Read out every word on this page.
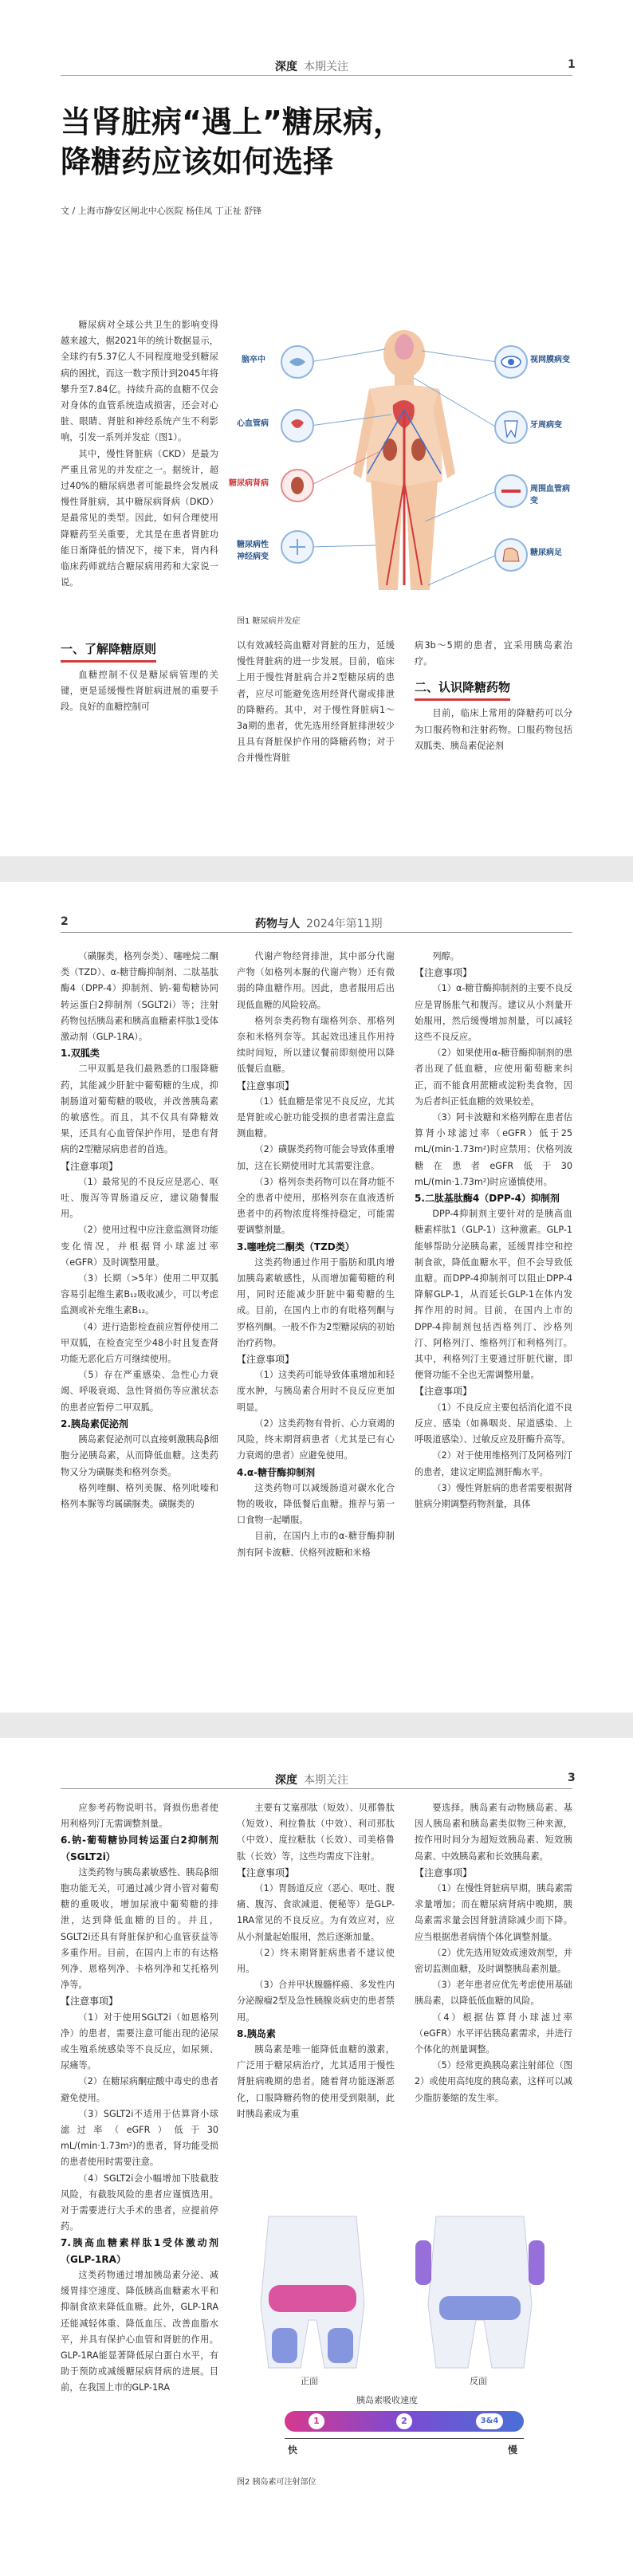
深度 本期关注	1
当肾脏病“遇上”糖尿病，
降糖药应该如何选择
文 / 上海市静安区闸北中心医院 杨佳凤 丁正祉 舒锋

糖尿病对全球公共卫生的影响变得越来越大，据2021年的统计数据显示，全球约有5.37亿人不同程度地受到糖尿病的困扰，而这一数字预计到2045年将攀升至7.84亿。持续升高的血糖不仅会对身体的血管系统造成损害，还会对心脏、眼睛、肾脏和神经系统产生不利影响，引发一系列并发症（图1）。

其中，慢性肾脏病（CKD）是最为严重且常见的并发症之一。据统计，超过40%的糖尿病患者可能最终会发展成慢性肾脏病，其中糖尿病肾病（DKD）是最常见的类型。因此，如何合理使用降糖药至关重要，尤其是在患者肾脏功能日渐降低的情况下，接下来，肾内科临床药师就结合糖尿病用药和大家说一说。

脑卒中
心血管病
糖尿病肾病
糖尿病性神经病变
视网膜病变
牙周病变
周围血管病变
糖尿病足
图1 糖尿病并发症
一、了解降糖原则

血糖控制不仅是糖尿病管理的关键，更是延缓慢性肾脏病进展的重要手段。良好的血糖控制可

以有效减轻高血糖对肾脏的压力，延缓慢性肾脏病的进一步发展。目前，临床上用于慢性肾脏病合并2型糖尿病的患者，应尽可能避免选用经肾代谢或排泄的降糖药。其中，对于慢性肾脏病1～3a期的患者，优先选用经肾脏排泄较少且具有肾脏保护作用的降糖药物；对于合并慢性肾脏

病3b～5期的患者，宜采用胰岛素治疗。

二、认识降糖药物

目前，临床上常用的降糖药可以分为口服药物和注射药物。口服药物包括双胍类、胰岛素促泌剂

2	药物与人 2024年第11期

（磺脲类，格列奈类）、噻唑烷二酮类（TZD）、α-糖苷酶抑制剂、二肽基肽酶4（DPP-4）抑制剂、钠-葡萄糖协同转运蛋白2抑制剂（SGLT2i）等；注射药物包括胰岛素和胰高血糖素样肽1受体激动剂（GLP-1RA）。

1.双胍类

二甲双胍是我们最熟悉的口服降糖药，其能减少肝脏中葡萄糖的生成，抑制肠道对葡萄糖的吸收，并改善胰岛素的敏感性。而且，其不仅具有降糖效果，还具有心血管保护作用，是患有肾病的2型糖尿病患者的首选。

【注意事项】

（1）最常见的不良反应是恶心、呕吐、腹泻等胃肠道反应，建议随餐服用。

（2）使用过程中应注意监测肾功能变化情况，并根据肾小球滤过率（eGFR）及时调整用量。

（3）长期（>5年）使用二甲双胍容易引起维生素B₁₂吸收减少，可以考虑监测或补充维生素B₁₂。

（4）进行造影检查前应暂停使用二甲双胍，在检查完至少48小时且复查肾功能无恶化后方可继续使用。

（5）存在严重感染、急性心力衰竭、呼吸衰竭、急性肾损伤等应激状态的患者应暂停二甲双胍。

2.胰岛素促泌剂

胰岛素促泌剂可以直接刺激胰岛β细胞分泌胰岛素，从而降低血糖。这类药物又分为磺脲类和格列奈类。

格列喹酮、格列美脲、格列吡嗪和格列本脲等均属磺脲类。磺脲类的

代谢产物经肾排泄，其中部分代谢产物（如格列本脲的代谢产物）还有微弱的降血糖作用。因此，患者服用后出现低血糖的风险较高。

格列奈类药物有瑞格列奈、那格列奈和米格列奈等。其起效迅速且作用持续时间短，所以建议餐前即刻使用以降低餐后血糖。

【注意事项】

（1）低血糖是常见不良反应，尤其是肾脏或心脏功能受损的患者需注意监测血糖。

（2）磺脲类药物可能会导致体重增加，这在长期使用时尤其需要注意。

（3）格列奈类药物可以在肾功能不全的患者中使用，那格列奈在血液透析患者中的药物浓度将维持稳定，可能需要调整剂量。

3.噻唑烷二酮类（TZD类）

这类药物通过作用于脂肪和肌肉增加胰岛素敏感性，从而增加葡萄糖的利用，同时还能减少肝脏中葡萄糖的生成。目前，在国内上市的有吡格列酮与罗格列酮。一般不作为2型糖尿病的初始治疗药物。

【注意事项】

（1）这类药可能导致体重增加和轻度水肿，与胰岛素合用时不良反应更加明显。

（2）这类药物有骨折、心力衰竭的风险，终末期肾病患者（尤其是已有心力衰竭的患者）应避免使用。

4.α-糖苷酶抑制剂

这类药物可以减缓肠道对碳水化合物的吸收，降低餐后血糖。推荐与第一口食物一起嚼服。

目前，在国内上市的α-糖苷酶抑制剂有阿卡波糖、伏格列波糖和米格

列醇。

【注意事项】

（1）α-糖苷酶抑制剂的主要不良反应是胃肠胀气和腹泻。建议从小剂量开始服用，然后缓慢增加剂量，可以减轻这些不良反应。

（2）如果使用α-糖苷酶抑制剂的患者出现了低血糖，应使用葡萄糖来纠正，而不能食用蔗糖或淀粉类食物，因为后者纠正低血糖的效果较差。

（3）阿卡波糖和米格列醇在患者估算肾小球滤过率（eGFR）低于25 mL/(min·1.73m²)时应禁用；伏格列波糖在患者eGFR低于30 mL/(min·1.73m²)时应谨慎使用。

5.二肽基肽酶4（DPP-4）抑制剂

DPP-4抑制剂主要针对的是胰高血糖素样肽1（GLP-1）这种激素。GLP-1能够帮助分泌胰岛素，延缓胃排空和控制食欲，降低血糖水平，但不会导致低血糖。而DPP-4抑制剂可以阻止DPP-4降解GLP-1，从而延长GLP-1在体内发挥作用的时间。目前，在国内上市的DPP-4抑制剂包括西格列汀、沙格列汀、阿格列汀、维格列汀和利格列汀。其中，利格列汀主要通过肝脏代谢，即便肾功能不全也无需调整用量。

【注意事项】

（1）不良反应主要包括消化道不良反应、感染（如鼻咽炎、尿道感染、上呼吸道感染）、过敏反应及肝酶升高等。

（2）对于使用维格列汀及阿格列汀的患者，建议定期监测肝酶水平。

（3）慢性肾脏病的患者需要根据肾脏病分期调整药物剂量，具体

深度 本期关注	3

应参考药物说明书。肾损伤患者使用利格列汀无需调整剂量。

6.钠-葡萄糖协同转运蛋白2抑制剂（SGLT2i）

这类药物与胰岛素敏感性、胰岛β细胞功能无关，可通过减少肾小管对葡萄糖的重吸收，增加尿液中葡萄糖的排泄，达到降低血糖的目的。并且，SGLT2i还具有肾脏保护和心血管获益等多重作用。目前，在国内上市的有达格列净、恩格列净、卡格列净和艾托格列净等。

【注意事项】

（1）对于使用SGLT2i（如恩格列净）的患者，需要注意可能出现的泌尿或生殖系统感染等不良反应，如尿频、尿痛等。

（2）在糖尿病酮症酸中毒史的患者避免使用。

（3）SGLT2i不适用于估算肾小球滤过率（eGFR）低于30 mL/(min·1.73m²)的患者，肾功能受损的患者使用时需要注意。

（4）SGLT2i会小幅增加下肢截肢风险，有截肢风险的患者应谨慎选用。对于需要进行大手术的患者，应提前停药。

7.胰高血糖素样肽1受体激动剂（GLP-1RA）

这类药物通过增加胰岛素分泌、减缓胃排空速度、降低胰高血糖素水平和抑制食欲来降低血糖。此外，GLP-1RA还能减轻体重、降低血压、改善血脂水平，并具有保护心血管和肾脏的作用。GLP-1RA能显著降低尿白蛋白水平，有助于预防或减缓糖尿病肾病的进展。目前，在我国上市的GLP-1RA

主要有艾塞那肽（短效）、贝那鲁肽（短效）、利拉鲁肽（中效）、利司那肽（中效）、度拉糖肽（长效）、司美格鲁肽（长效）等，这些均需皮下注射。

【注意事项】

（1）胃肠道反应（恶心、呕吐、腹痛、腹泻、食欲减退、便秘等）是GLP-1RA常见的不良反应。为有效应对，应从小剂量起始服用，然后逐渐加量。

（2）终末期肾脏病患者不建议使用。

（3）合并甲状腺髓样癌、多发性内分泌腺瘤2型及急性胰腺炎病史的患者禁用。

8.胰岛素

胰岛素是唯一能降低血糖的激素，广泛用于糖尿病治疗，尤其适用于慢性肾脏病晚期的患者。随着肾功能逐渐恶化，口服降糖药物的使用受到限制，此时胰岛素成为重

要选择。胰岛素有动物胰岛素、基因人胰岛素和胰岛素类似物三种来源，按作用时间分为超短效胰岛素、短效胰岛素、中效胰岛素和长效胰岛素。

【注意事项】

（1）在慢性肾脏病早期，胰岛素需求量增加；而在糖尿病肾病中晚期，胰岛素需求量会因肾脏清除减少而下降。应当根据患者病情个体化调整剂量。

（2）优先选用短效或速效剂型，并密切监测血糖，及时调整胰岛素剂量。

（3）老年患者应优先考虑使用基础胰岛素，以降低低血糖的风险。

（4）根据估算肾小球滤过率（eGFR）水平评估胰岛素需求，并进行个体化的剂量调整。

（5）经常更换胰岛素注射部位（图2）或使用高纯度的胰岛素，这样可以减少脂肪萎缩的发生率。

正面	反面
胰岛素吸收速度
1	2	3&4
快	慢
图2 胰岛素可注射部位
